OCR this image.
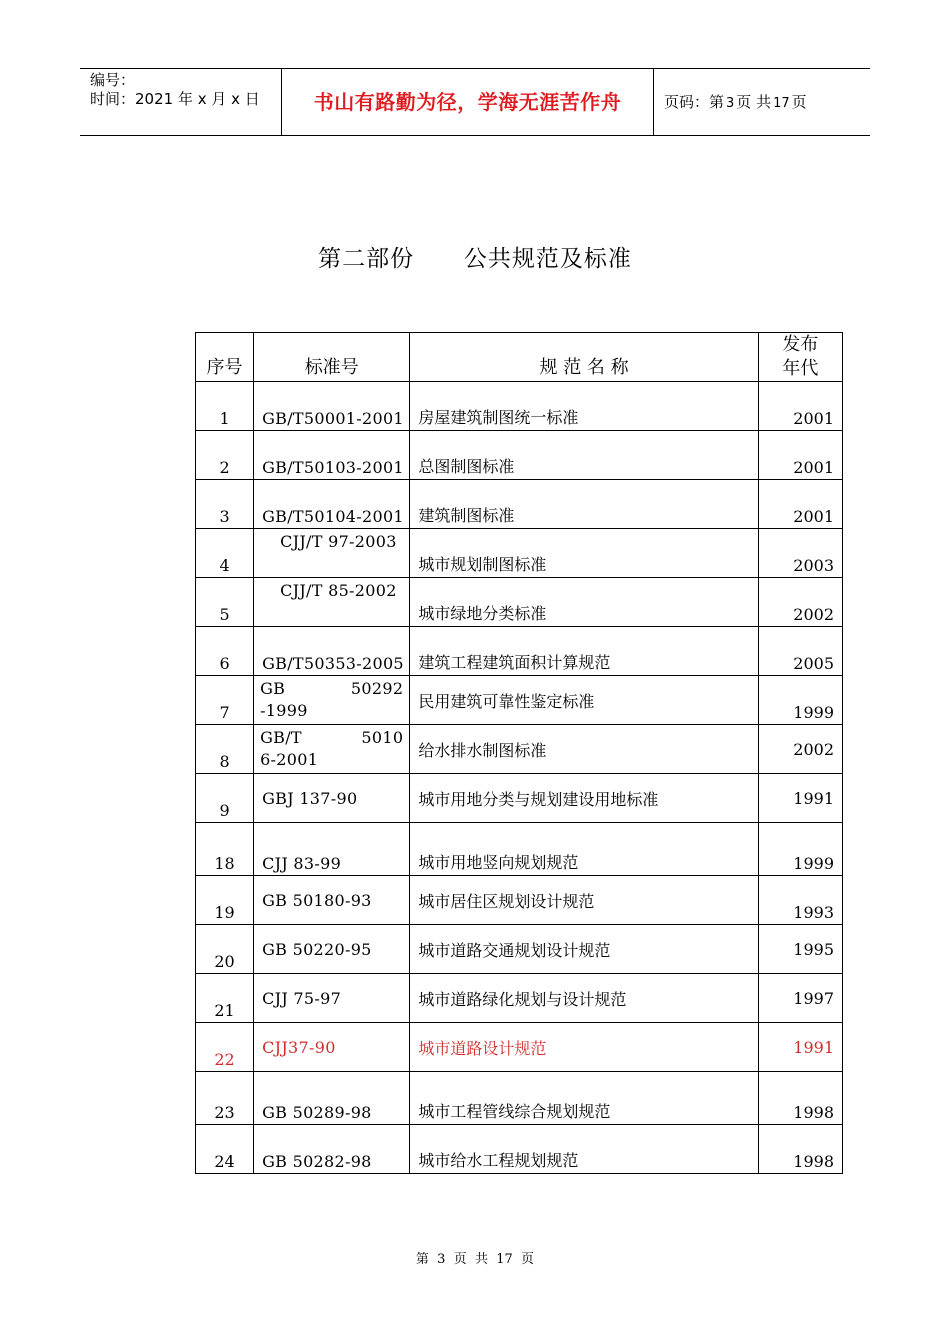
编号：
时间：2021 年 x 月 x 日	书山有路勤为径，学海无涯苦作舟	页码：第 3 页 共 17 页
第二部份      公共规范及标准
序号	标准号	规 范 名 称	发布
年代

1	GB/T50001-2001	房屋建筑制图统一标准	2001

2	GB/T50103-2001	总图制图标准	2001

3	GB/T50104-2001	建筑制图标准	2001

4	CJJ/T 97-2003	城市规划制图标准	2003

5	CJJ/T 85-2002	城市绿地分类标准	2002

6	GB/T50353-2005	建筑工程建筑面积计算规范	2005

7	GB 50292-1999	民用建筑可靠性鉴定标准	1999

8	GB/T 50106-2001	给水排水制图标准	2002

9	GBJ 137-90	城市用地分类与规划建设用地标准	1991

18	CJJ 83-99	城市用地竖向规划规范	1999

19	GB 50180-93	城市居住区规划设计规范	1993

20	GB 50220-95	城市道路交通规划设计规范	1995

21	CJJ 75-97	城市道路绿化规划与设计规范	1997

22	CJJ37-90	城市道路设计规范	1991

23	GB 50289-98	城市工程管线综合规划规范	1998

24	GB 50282-98	城市给水工程规划规范	1998
第  3  页  共  17  页
